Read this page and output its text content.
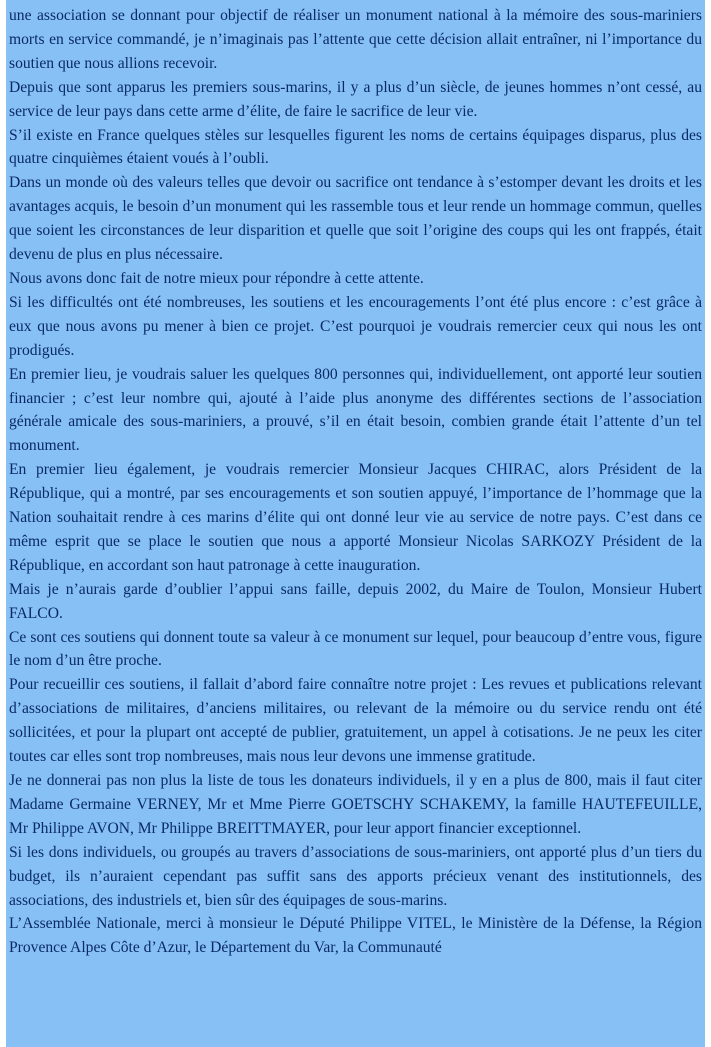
une association se donnant pour objectif de réaliser un monument national à la mémoire des sous-mariniers morts en service commandé, je n’imaginais pas l’attente que cette décision allait entraîner, ni l’importance du soutien que nous allions recevoir.

Depuis que sont apparus les premiers sous-marins, il y a plus d’un siècle, de jeunes hommes n’ont cessé, au service de leur pays dans cette arme d’élite, de faire le sacrifice de leur vie.

S’il existe en France quelques stèles sur lesquelles figurent les noms de certains équipages disparus, plus des quatre cinquièmes étaient voués à l’oubli.

Dans un monde où des valeurs telles que devoir ou sacrifice ont tendance à s’estomper devant les droits et les avantages acquis, le besoin d’un monument qui les rassemble tous et leur rende un hommage commun, quelles que soient les circonstances de leur disparition et quelle que soit l’origine des coups qui les ont frappés, était devenu de plus en plus nécessaire.

Nous avons donc fait de notre mieux pour répondre à cette attente.

Si les difficultés ont été nombreuses, les soutiens et les encouragements l’ont été plus encore : c’est grâce à eux que nous avons pu mener à bien ce projet. C’est pourquoi je voudrais remercier ceux qui nous les ont prodigués.

En premier lieu, je voudrais saluer les quelques 800 personnes qui, individuellement, ont apporté leur soutien financier ; c’est leur nombre qui, ajouté à l’aide plus anonyme des différentes sections de l’association générale amicale des sous-mariniers, a prouvé, s’il en était besoin, combien grande était l’attente d’un tel monument.

En premier lieu également, je voudrais remercier Monsieur Jacques CHIRAC, alors Président de la République, qui a montré, par ses encouragements et son soutien appuyé, l’importance de l’hommage que la Nation souhaitait rendre à ces marins d’élite qui ont donné leur vie au service de notre pays. C’est dans ce même esprit que se place le soutien que nous a apporté Monsieur Nicolas SARKOZY Président de la République, en accordant son haut patronage à cette inauguration.

Mais je n’aurais garde d’oublier l’appui sans faille, depuis 2002, du Maire de Toulon, Monsieur Hubert FALCO.

Ce sont ces soutiens qui donnent toute sa valeur à ce monument sur lequel, pour beaucoup d’entre vous, figure le nom d’un être proche.

Pour recueillir ces soutiens, il fallait d’abord faire connaître notre projet : Les revues et publications relevant d’associations de militaires, d’anciens militaires, ou relevant de la mémoire ou du service rendu ont été sollicitées, et pour la plupart ont accepté de publier, gratuitement, un appel à cotisations. Je ne peux les citer toutes car elles sont trop nombreuses, mais nous leur devons une immense gratitude.

Je ne donnerai pas non plus la liste de tous les donateurs individuels, il y en a plus de 800, mais il faut citer Madame Germaine VERNEY, Mr et Mme Pierre GOETSCHY SCHAKEMY, la famille HAUTEFEUILLE, Mr Philippe AVON, Mr Philippe BREITTMAYER, pour leur apport financier exceptionnel.

Si les dons individuels, ou groupés au travers d’associations de sous-mariniers, ont apporté plus d’un tiers du budget, ils n’auraient cependant pas suffit sans des apports précieux venant des institutionnels, des associations, des industriels et, bien sûr des équipages de sous-marins.

L’Assemblée Nationale, merci à monsieur le Député Philippe VITEL, le Ministère de la Défense, la Région Provence Alpes Côte d’Azur, le Département du Var, la Communauté
